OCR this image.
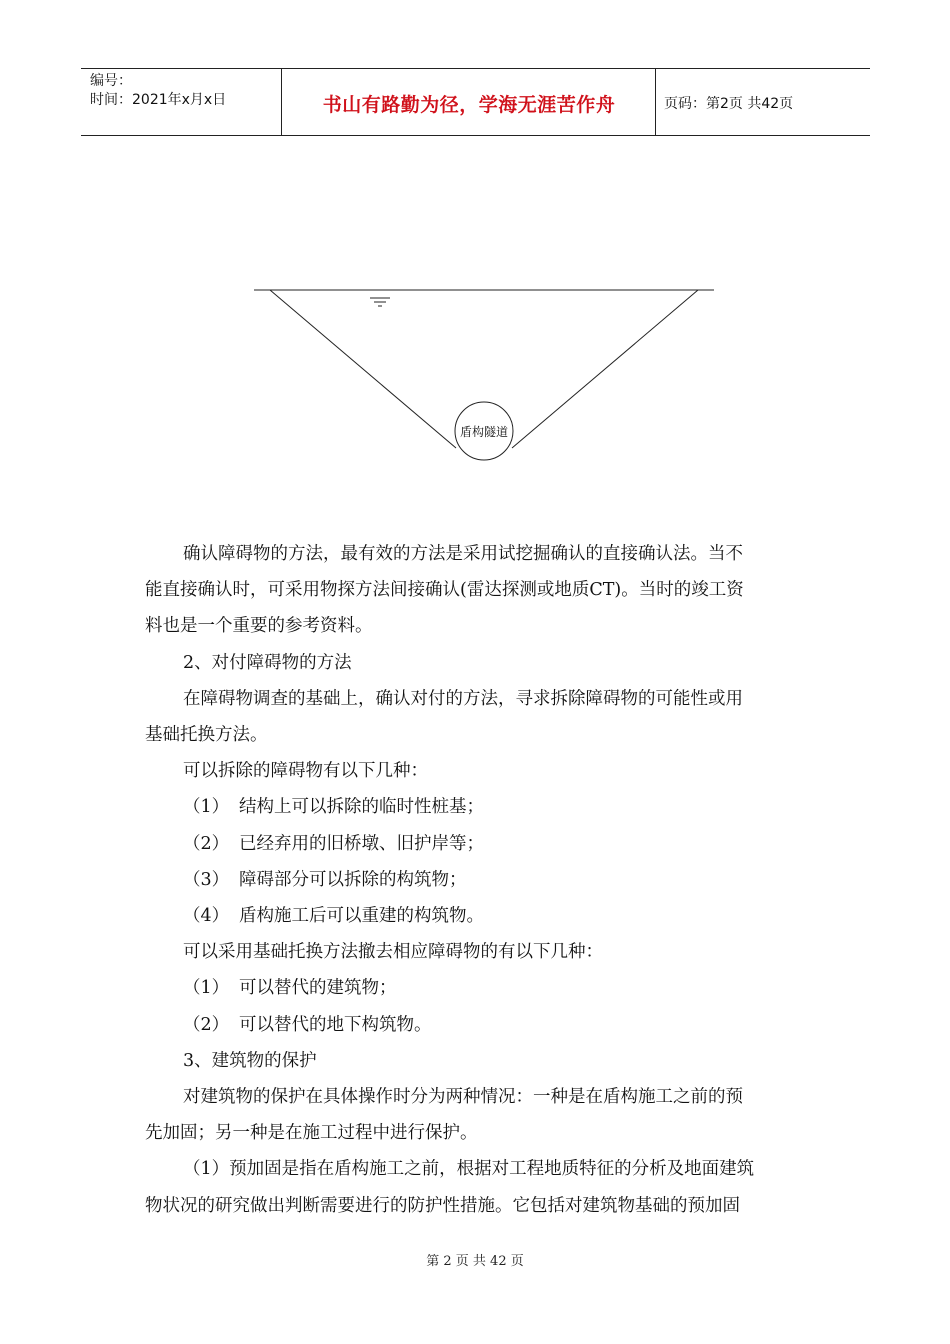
编号：
时间：2021年x月x日	书山有路勤为径，学海无涯苦作舟	页码：第2页 共42页
盾构隧道

确认障碍物的方法，最有效的方法是采用试挖掘确认的直接确认法。当不

能直接确认时，可采用物探方法间接确认(雷达探测或地质CT)。当时的竣工资

料也是一个重要的参考资料。

2、对付障碍物的方法

在障碍物调查的基础上，确认对付的方法，寻求拆除障碍物的可能性或用

基础托换方法。

可以拆除的障碍物有以下几种：

（1） 结构上可以拆除的临时性桩基；

（2） 已经弃用的旧桥墩、旧护岸等；

（3） 障碍部分可以拆除的构筑物；

（4） 盾构施工后可以重建的构筑物。

可以采用基础托换方法撤去相应障碍物的有以下几种：

（1） 可以替代的建筑物；

（2） 可以替代的地下构筑物。

3、建筑物的保护

对建筑物的保护在具体操作时分为两种情况：一种是在盾构施工之前的预

先加固；另一种是在施工过程中进行保护。

（1）预加固是指在盾构施工之前，根据对工程地质特征的分析及地面建筑

物状况的研究做出判断需要进行的防护性措施。它包括对建筑物基础的预加固

第 2 页 共 42 页
